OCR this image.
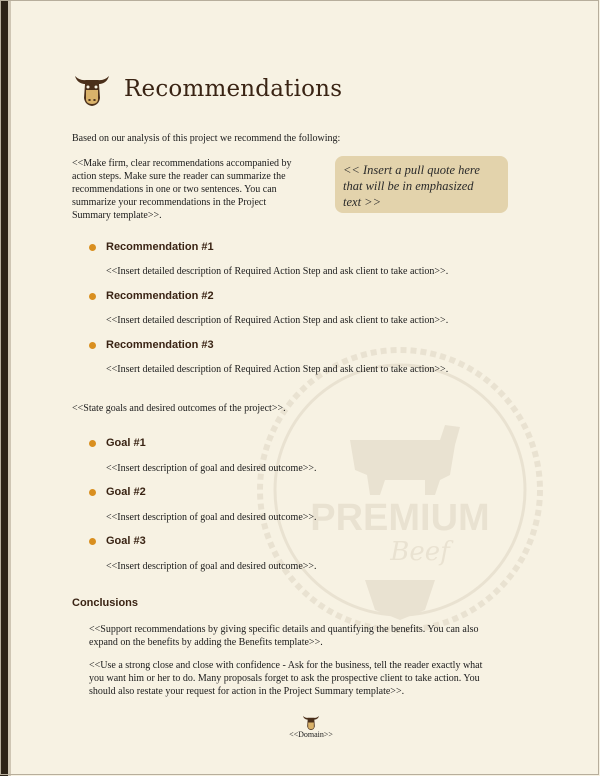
PREMIUM
Beef
Recommendations
Based on our analysis of this project we recommend the following:
<<Make firm, clear recommendations accompanied by
action steps. Make sure the reader can summarize the
recommendations in one or two sentences. You can
summarize your recommendations in the Project
Summary template>>.
<< Insert a pull quote here
that will be in emphasized
text >>
Recommendation #1
<<Insert detailed description of Required Action Step and ask client to take action>>.
Recommendation #2
<<Insert detailed description of Required Action Step and ask client to take action>>.
Recommendation #3
<<Insert detailed description of Required Action Step and ask client to take action>>.
<<State goals and desired outcomes of the project>>.
Goal #1
<<Insert description of goal and desired outcome>>.
Goal #2
<<Insert description of goal and desired outcome>>.
Goal #3
<<Insert description of goal and desired outcome>>.
Conclusions
<<Support recommendations by giving specific details and quantifying the benefits. You can also
expand on the benefits by adding the Benefits template>>.
<<Use a strong close and close with confidence - Ask for the business, tell the reader exactly what
you want him or her to do. Many proposals forget to ask the prospective client to take action. You
should also restate your request for action in the Project Summary template>>.
<<Domain>>
